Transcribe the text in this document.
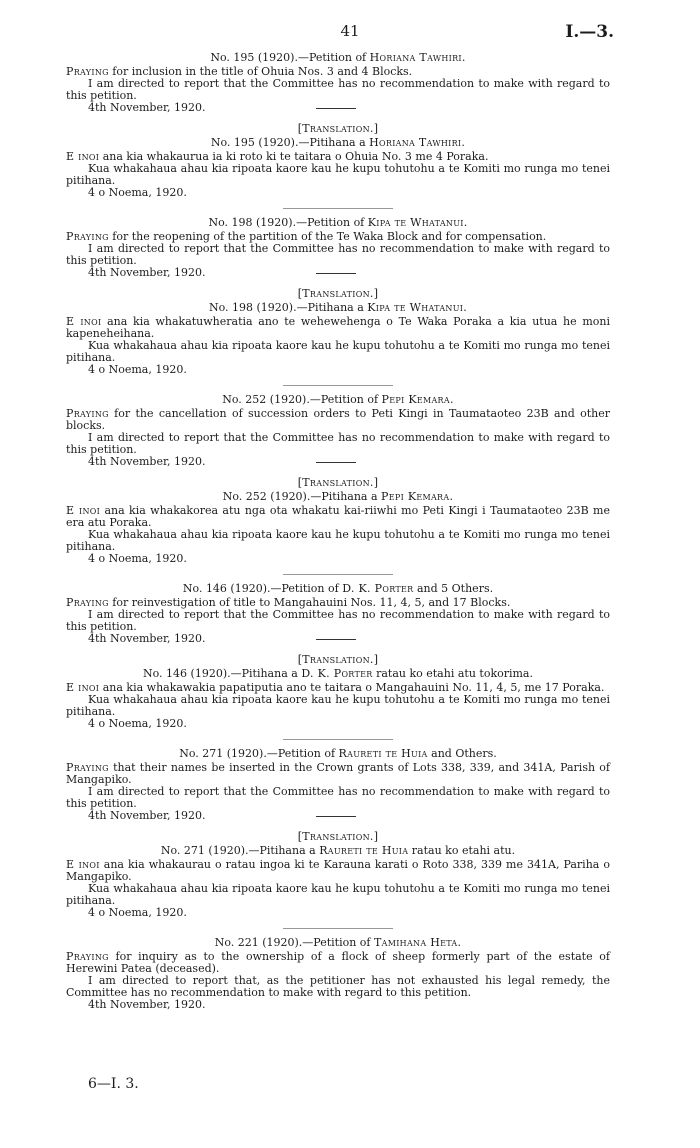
41	I.—3.

No. 195 (1920).—Petition of Horiana Tawhiri.

Praying for inclusion in the title of Ohuia Nos. 3 and 4 Blocks.

I am directed to report that the Committee has no recommendation to make with regard to this petition.

4th November, 1920.

[Translation.]

No. 195 (1920).—Pitihana a Horiana Tawhiri.

E inoi ana kia whakaurua ia ki roto ki te taitara o Ohuia No. 3 me 4 Poraka.

Kua whakahaua ahau kia ripoata kaore kau he kupu tohutohu a te Komiti mo runga mo tenei pitihana.

4 o Noema, 1920.

No. 198 (1920).—Petition of Kipa te Whatanui.

Praying for the reopening of the partition of the Te Waka Block and for compensation.

I am directed to report that the Committee has no recommendation to make with regard to this petition.

4th November, 1920.

[Translation.]

No. 198 (1920).—Pitihana a Kipa te Whatanui.

E inoi ana kia whakatuwheratia ano te wehewehenga o Te Waka Poraka a kia utua he moni kapeneheihana.

Kua whakahaua ahau kia ripoata kaore kau he kupu tohutohu a te Komiti mo runga mo tenei pitihana.

4 o Noema, 1920.

No. 252 (1920).—Petition of Pepi Kemara.

Praying for the cancellation of succession orders to Peti Kingi in Taumataoteo 23B and other blocks.

I am directed to report that the Committee has no recommendation to make with regard to this petition.

4th November, 1920.

[Translation.]

No. 252 (1920).—Pitihana a Pepi Kemara.

E inoi ana kia whakakorea atu nga ota whakatu kai-riiwhi mo Peti Kingi i Taumataoteo 23B me era atu Poraka.

Kua whakahaua ahau kia ripoata kaore kau he kupu tohutohu a te Komiti mo runga mo tenei pitihana.

4 o Noema, 1920.

No. 146 (1920).—Petition of D. K. Porter and 5 Others.

Praying for reinvestigation of title to Mangahauini Nos. 11, 4, 5, and 17 Blocks.

I am directed to report that the Committee has no recommendation to make with regard to this petition.

4th November, 1920.

[Translation.]

No. 146 (1920).—Pitihana a D. K. Porter ratau ko etahi atu tokorima.

E inoi ana kia whakawakia papatiputia ano te taitara o Mangahauini No. 11, 4, 5, me 17 Poraka.

Kua whakahaua ahau kia ripoata kaore kau he kupu tohutohu a te Komiti mo runga mo tenei pitihana.

4 o Noema, 1920.

No. 271 (1920).—Petition of Raureti te Huia and Others.

Praying that their names be inserted in the Crown grants of Lots 338, 339, and 341A, Parish of Mangapiko.

I am directed to report that the Committee has no recommendation to make with regard to this petition.

4th November, 1920.

[Translation.]

No. 271 (1920).—Pitihana a Raureti te Huia ratau ko etahi atu.

E inoi ana kia whakaurau o ratau ingoa ki te Karauna karati o Roto 338, 339 me 341A, Pariha o Mangapiko.

Kua whakahaua ahau kia ripoata kaore kau he kupu tohutohu a te Komiti mo runga mo tenei pitihana.

4 o Noema, 1920.

No. 221 (1920).—Petition of Tamihana Heta.

Praying for inquiry as to the ownership of a flock of sheep formerly part of the estate of Herewini Patea (deceased).

I am directed to report that, as the petitioner has not exhausted his legal remedy, the Committee has no recommendation to make with regard to this petition.

4th November, 1920.

6—I. 3.
